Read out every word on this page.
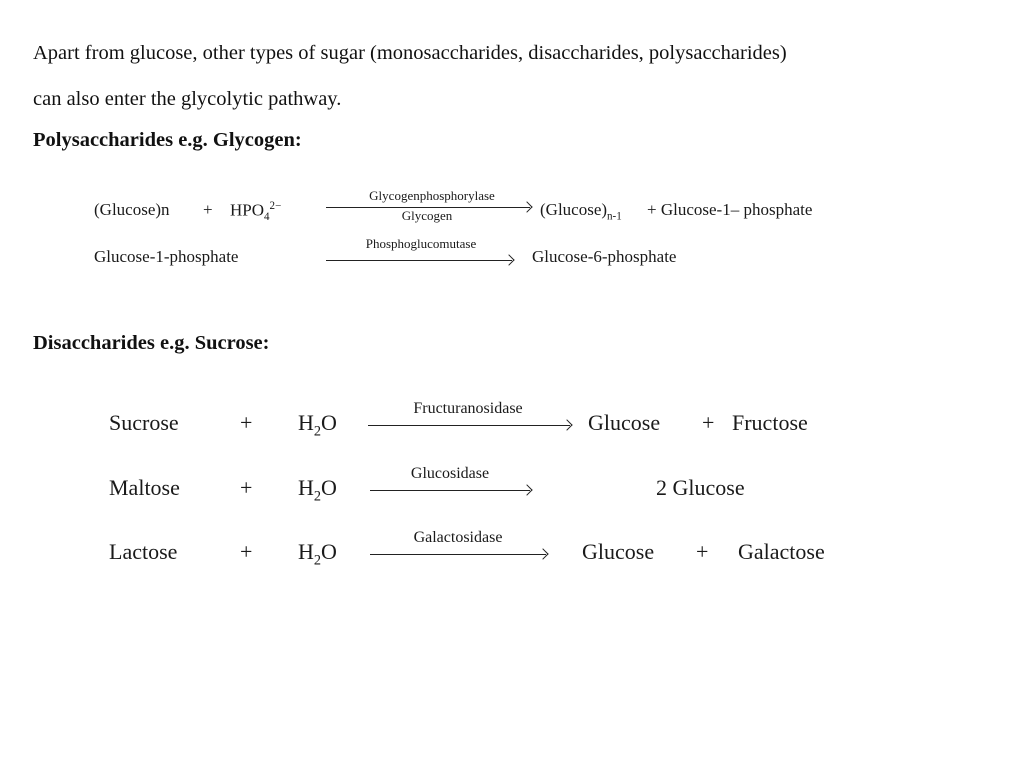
Apart from glucose, other types of sugar (monosaccharides, disaccharides, polysaccharides)
can also enter the glycolytic pathway.
Polysaccharides e.g. Glycogen:
$(Glucose)n + HPO_4^{2-}$
Glycogenphosphorylase
Glycogen	$(Glucose)_{n-1} + Glucose-1-$ phosphate
Glucose-1-phosphate
Phosphoglucomutase
Glucose-6-phosphate
Disaccharides e.g. Sucrose:
Sucrose	+ $H_2O$
Fructuranosidase
Glucose + Fructose
Maltose	+ $H_2O$
Glucosidase
2 Glucose
Lactose	+ $H_2O$
Galactosidase
Glucose + Galactose
